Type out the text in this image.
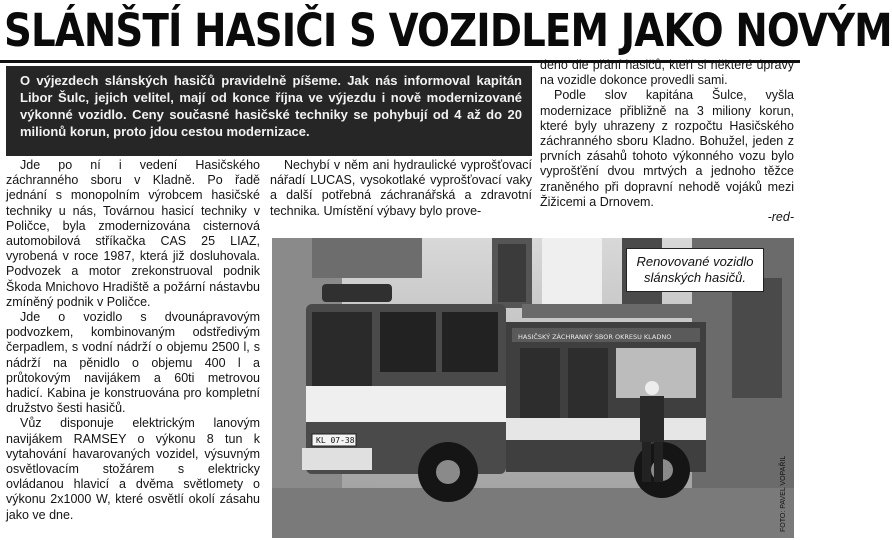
SLÁNŠTÍ HASIČI S VOZIDLEM JAKO NOVÝM
O výjezdech slánských hasičů pravidelně píšeme. Jak nás informoval kapitán Libor Šulc, jejich velitel, mají od konce října ve výjezdu i nově modernizované výkonné vozidlo. Ceny současné hasičské techniky se pohybují od 4 až do 20 milionů korun, proto jdou cestou modernizace.

Jde po ní i vedení Hasičského záchranného sboru v Kladně. Po řadě jednání s monopolním výrobcem hasičské techniky u nás, Továrnou hasicí techniky v Poličce, byla zmodernizována cisternová automobilová stříkačka CAS 25 LIAZ, vyrobená v roce 1987, která již dosluhovala. Podvozek a motor zrekonstruoval podnik Škoda Mnichovo Hradiště a požární nástavbu zmíněný podnik v Poličce.

Jde o vozidlo s dvounápravovým podvozkem, kombinovaným odstředivým čerpadlem, s vodní nádrží o objemu 2500 l, s nádrží na pěnidlo o objemu 400 l a průtokovým navijákem a 60ti metrovou hadicí. Kabina je konstruována pro kompletní družstvo šesti hasičů.

Vůz disponuje elektrickým lanovým navijákem RAMSEY o výkonu 8 tun k vytahování havarovaných vozidel, výsuvným osvětlovacím stožárem s elektricky ovládanou hlavicí a dvěma světlomety o výkonu 2x1000 W, které osvětlí okolí zásahu jako ve dne.

Nechybí v něm ani hydraulické vyprošťovací nářadí LUCAS, vysokotlaké vyprošťovací vaky a další potřebná záchranářská a zdravotní technika. Umístění výbavy bylo prove-

deno dle přání hasičů, kteří si některé úpravy na vozidle dokonce provedli sami.

Podle slov kapitána Šulce, vyšla modernizace přibližně na 3 miliony korun, které byly uhrazeny z rozpočtu Hasičského záchranného sboru Kladno. Bohužel, jeden z prvních zásahů tohoto výkonného vozu bylo vyprošťění dvou mrtvých a jednoho těžce zraněného při dopravní nehodě vojáků mezi Žižicemi a Drnovem.

-red-

HASIČSKÝ ZÁCHRANNÝ SBOR OKRESU KLADNO
KL 07-38
Renovované vozidlo slánských hasičů.
FOTO: PAVEL VOPAŘIL
